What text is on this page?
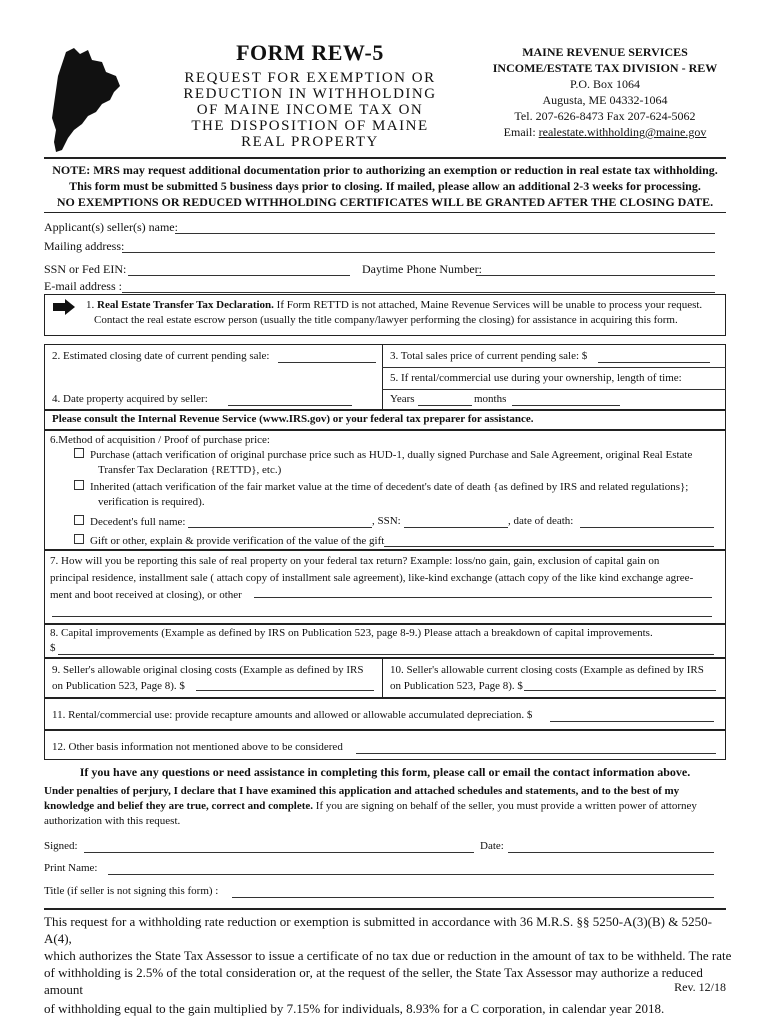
FORM REW-5
REQUEST FOR EXEMPTION OR
REDUCTION IN WITHHOLDING
OF MAINE INCOME TAX ON
THE DISPOSITION OF MAINE
REAL PROPERTY
MAINE REVENUE SERVICES
INCOME/ESTATE TAX DIVISION - REW
P.O. Box 1064
Augusta, ME 04332-1064
Tel. 207-626-8473 Fax 207-624-5062
Email: realestate.withholding@maine.gov
NOTE: MRS may request additional documentation prior to authorizing an exemption or reduction in real estate tax withholding.
This form must be submitted 5 business days prior to closing. If mailed, please allow an additional 2-3 weeks for processing.
NO EXEMPTIONS OR REDUCED WITHHOLDING CERTIFICATES WILL BE GRANTED AFTER THE CLOSING DATE.
Applicant(s) seller(s) name:
Mailing address:
SSN or Fed EIN:	Daytime Phone Number:
E-mail address :
1. Real Estate Transfer Tax Declaration. If Form RETTD is not attached, Maine Revenue Services will be unable to process your request.
Contact the real estate escrow person (usually the title company/lawyer performing the closing) for assistance in acquiring this form.
2. Estimated closing date of current pending sale:	3. Total sales price of current pending sale: $
5. If rental/commercial use during your ownership, length of time:
4. Date property acquired by seller:	Years	months
Please consult the Internal Revenue Service (www.IRS.gov) or your federal tax preparer for assistance.
6.Method of acquisition / Proof of purchase price:
Purchase (attach verification of original purchase price such as HUD-1, dually signed Purchase and Sale Agreement, original Real Estate
Transfer Tax Declaration {RETTD}, etc.)
Inherited (attach verification of the fair market value at the time of decedent's date of death {as defined by IRS and related regulations};
verification is required).
Decedent's full name:	, SSN:	, date of death:
Gift or other, explain & provide verification of the value of the gift
7. How will you be reporting this sale of real property on your federal tax return? Example: loss/no gain, gain, exclusion of capital gain on
principal residence, installment sale ( attach copy of installment sale agreement), like-kind exchange (attach copy of the like kind exchange agree-
ment and boot received at closing), or other
8. Capital improvements (Example as defined by IRS on Publication 523, page 8-9.) Please attach a breakdown of capital improvements.
$
9. Seller's allowable original closing costs (Example as defined by IRS
on Publication 523, Page 8). $
10. Seller's allowable current closing costs (Example as defined by IRS
on Publication 523, Page 8). $
11. Rental/commercial use: provide recapture amounts and allowed or allowable accumulated depreciation. $
12. Other basis information not mentioned above to be considered
If you have any questions or need assistance in completing this form, please call or email the contact information above.
Under penalties of perjury, I declare that I have examined this application and attached schedules and statements, and to the best of my
knowledge and belief they are true, correct and complete. If you are signing on behalf of the seller, you must provide a written power of attorney
authorization with this request.
Signed:	Date:
Print Name:
Title (if seller is not signing this form) :
This request for a withholding rate reduction or exemption is submitted in accordance with 36 M.R.S. §§ 5250-A(3)(B) & 5250-A(4),
which authorizes the State Tax Assessor to issue a certificate of no tax due or reduction in the amount of tax to be withheld. The rate
of withholding is 2.5% of the total consideration or, at the request of the seller, the State Tax Assessor may authorize a reduced amount
of withholding equal to the gain multiplied by 7.15% for individuals, 8.93% for a C corporation, in calendar year 2018.
Rev. 12/18
